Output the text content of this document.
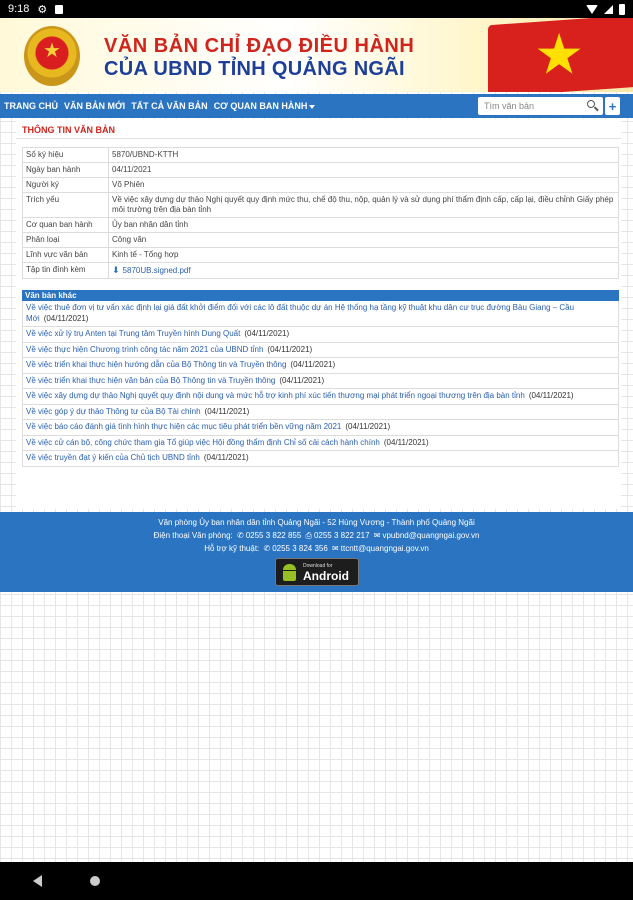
9:18 ⚙
★	VĂN BẢN CHỈ ĐẠO ĐIỀU HÀNH
CỦA UBND TỈNH QUẢNG NGÃI ★
TRANG CHỦ VĂN BẢN MỚI TẤT CẢ VĂN BẢN CƠ QUAN BAN HÀNH	Tìm văn bản	+
THÔNG TIN VĂN BẢN
Số ký hiệu	5870/UBND-KTTH
Ngày ban hành	04/11/2021
Người ký	Võ Phiên
Trích yếu	Về việc xây dựng dự thảo Nghị quyết quy định mức thu, chế độ thu, nộp, quản lý và sử dụng phí thẩm định cấp, cấp lại, điều chỉnh Giấy phép môi trường trên địa bàn tỉnh
Cơ quan ban hành	Ủy ban nhân dân tỉnh
Phân loại	Công văn
Lĩnh vực văn bản	Kinh tế - Tổng hợp
Tập tin đính kèm	⬇ 5870UB.signed.pdf
Văn bản khác
Về việc thuê đơn vị tư vấn xác định lại giá đất khởi điểm đối với các lô đất thuộc dự án Hệ thống hạ tầng kỹ thuật khu dân cư trục đường Bàu Giang – Cầu Mới (04/11/2021)
Về việc xử lý trụ Anten tại Trung tâm Truyền hình Dung Quất (04/11/2021)
Về việc thực hiện Chương trình công tác năm 2021 của UBND tỉnh (04/11/2021)
Về việc triển khai thực hiện hướng dẫn của Bộ Thông tin và Truyền thông (04/11/2021)
Về việc triển khai thực hiện văn bản của Bộ Thông tin và Truyền thông (04/11/2021)
Về việc xây dựng dự thảo Nghị quyết quy định nội dung và mức hỗ trợ kinh phí xúc tiến thương mại phát triển ngoại thương trên địa bàn tỉnh (04/11/2021)
Về việc góp ý dự thảo Thông tư của Bộ Tài chính (04/11/2021)
Về việc báo cáo đánh giá tình hình thực hiện các mục tiêu phát triển bền vững năm 2021 (04/11/2021)
Về việc cử cán bộ, công chức tham gia Tổ giúp việc Hội đồng thẩm định Chỉ số cải cách hành chính (04/11/2021)
Về việc truyền đạt ý kiến của Chủ tịch UBND tỉnh (04/11/2021)
Văn phòng Ủy ban nhân dân tỉnh Quảng Ngãi - 52 Hùng Vương - Thành phố Quảng Ngãi
Điện thoại Văn phòng: ✆ 0255 3 822 855 ⎙ 0255 3 822 217 ✉ vpubnd@quangngai.gov.vn
Hỗ trợ kỹ thuật: ✆ 0255 3 824 356 ✉ ttcntt@quangngai.gov.vn
Download for
Android
